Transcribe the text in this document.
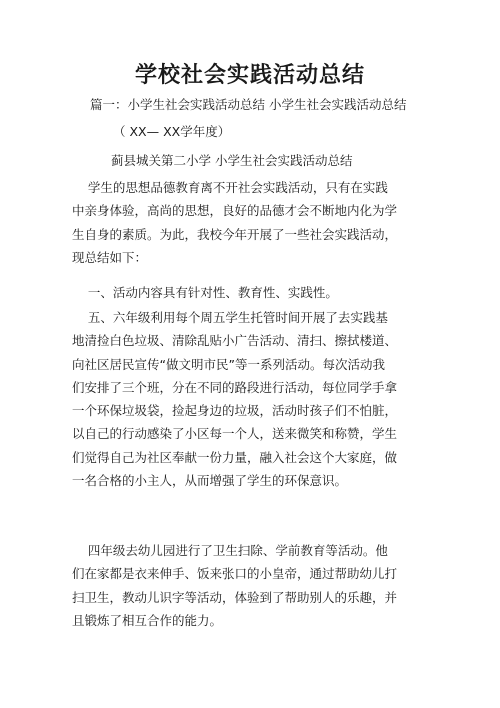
学校社会实践活动总结
篇一：小学生社会实践活动总结 小学生社会实践活动总结
（ XX— XX学年度）
蓟县城关第二小学 小学生社会实践活动总结
学生的思想品德教育离不开社会实践活动，只有在实践
中亲身体验，高尚的思想，良好的品德才会不断地内化为学
生自身的素质。为此，我校今年开展了一些社会实践活动，
现总结如下：
一、活动内容具有针对性、教育性、实践性。
五、六年级利用每个周五学生托管时间开展了去实践基
地清捡白色垃圾、清除乱贴小广告活动、清扫、擦拭楼道、
向社区居民宣传“做文明市民”等一系列活动。每次活动我
们安排了三个班，分在不同的路段进行活动，每位同学手拿
一个环保垃圾袋，捡起身边的垃圾，活动时孩子们不怕脏，
以自己的行动感染了小区每一个人，送来微笑和称赞，学生
们觉得自己为社区奉献一份力量，融入社会这个大家庭，做
一名合格的小主人，从而增强了学生的环保意识。
四年级去幼儿园进行了卫生扫除、学前教育等活动。他
们在家都是衣来伸手、饭来张口的小皇帝，通过帮助幼儿打
扫卫生，教动儿识字等活动，体验到了帮助别人的乐趣，并
且锻炼了相互合作的能力。
